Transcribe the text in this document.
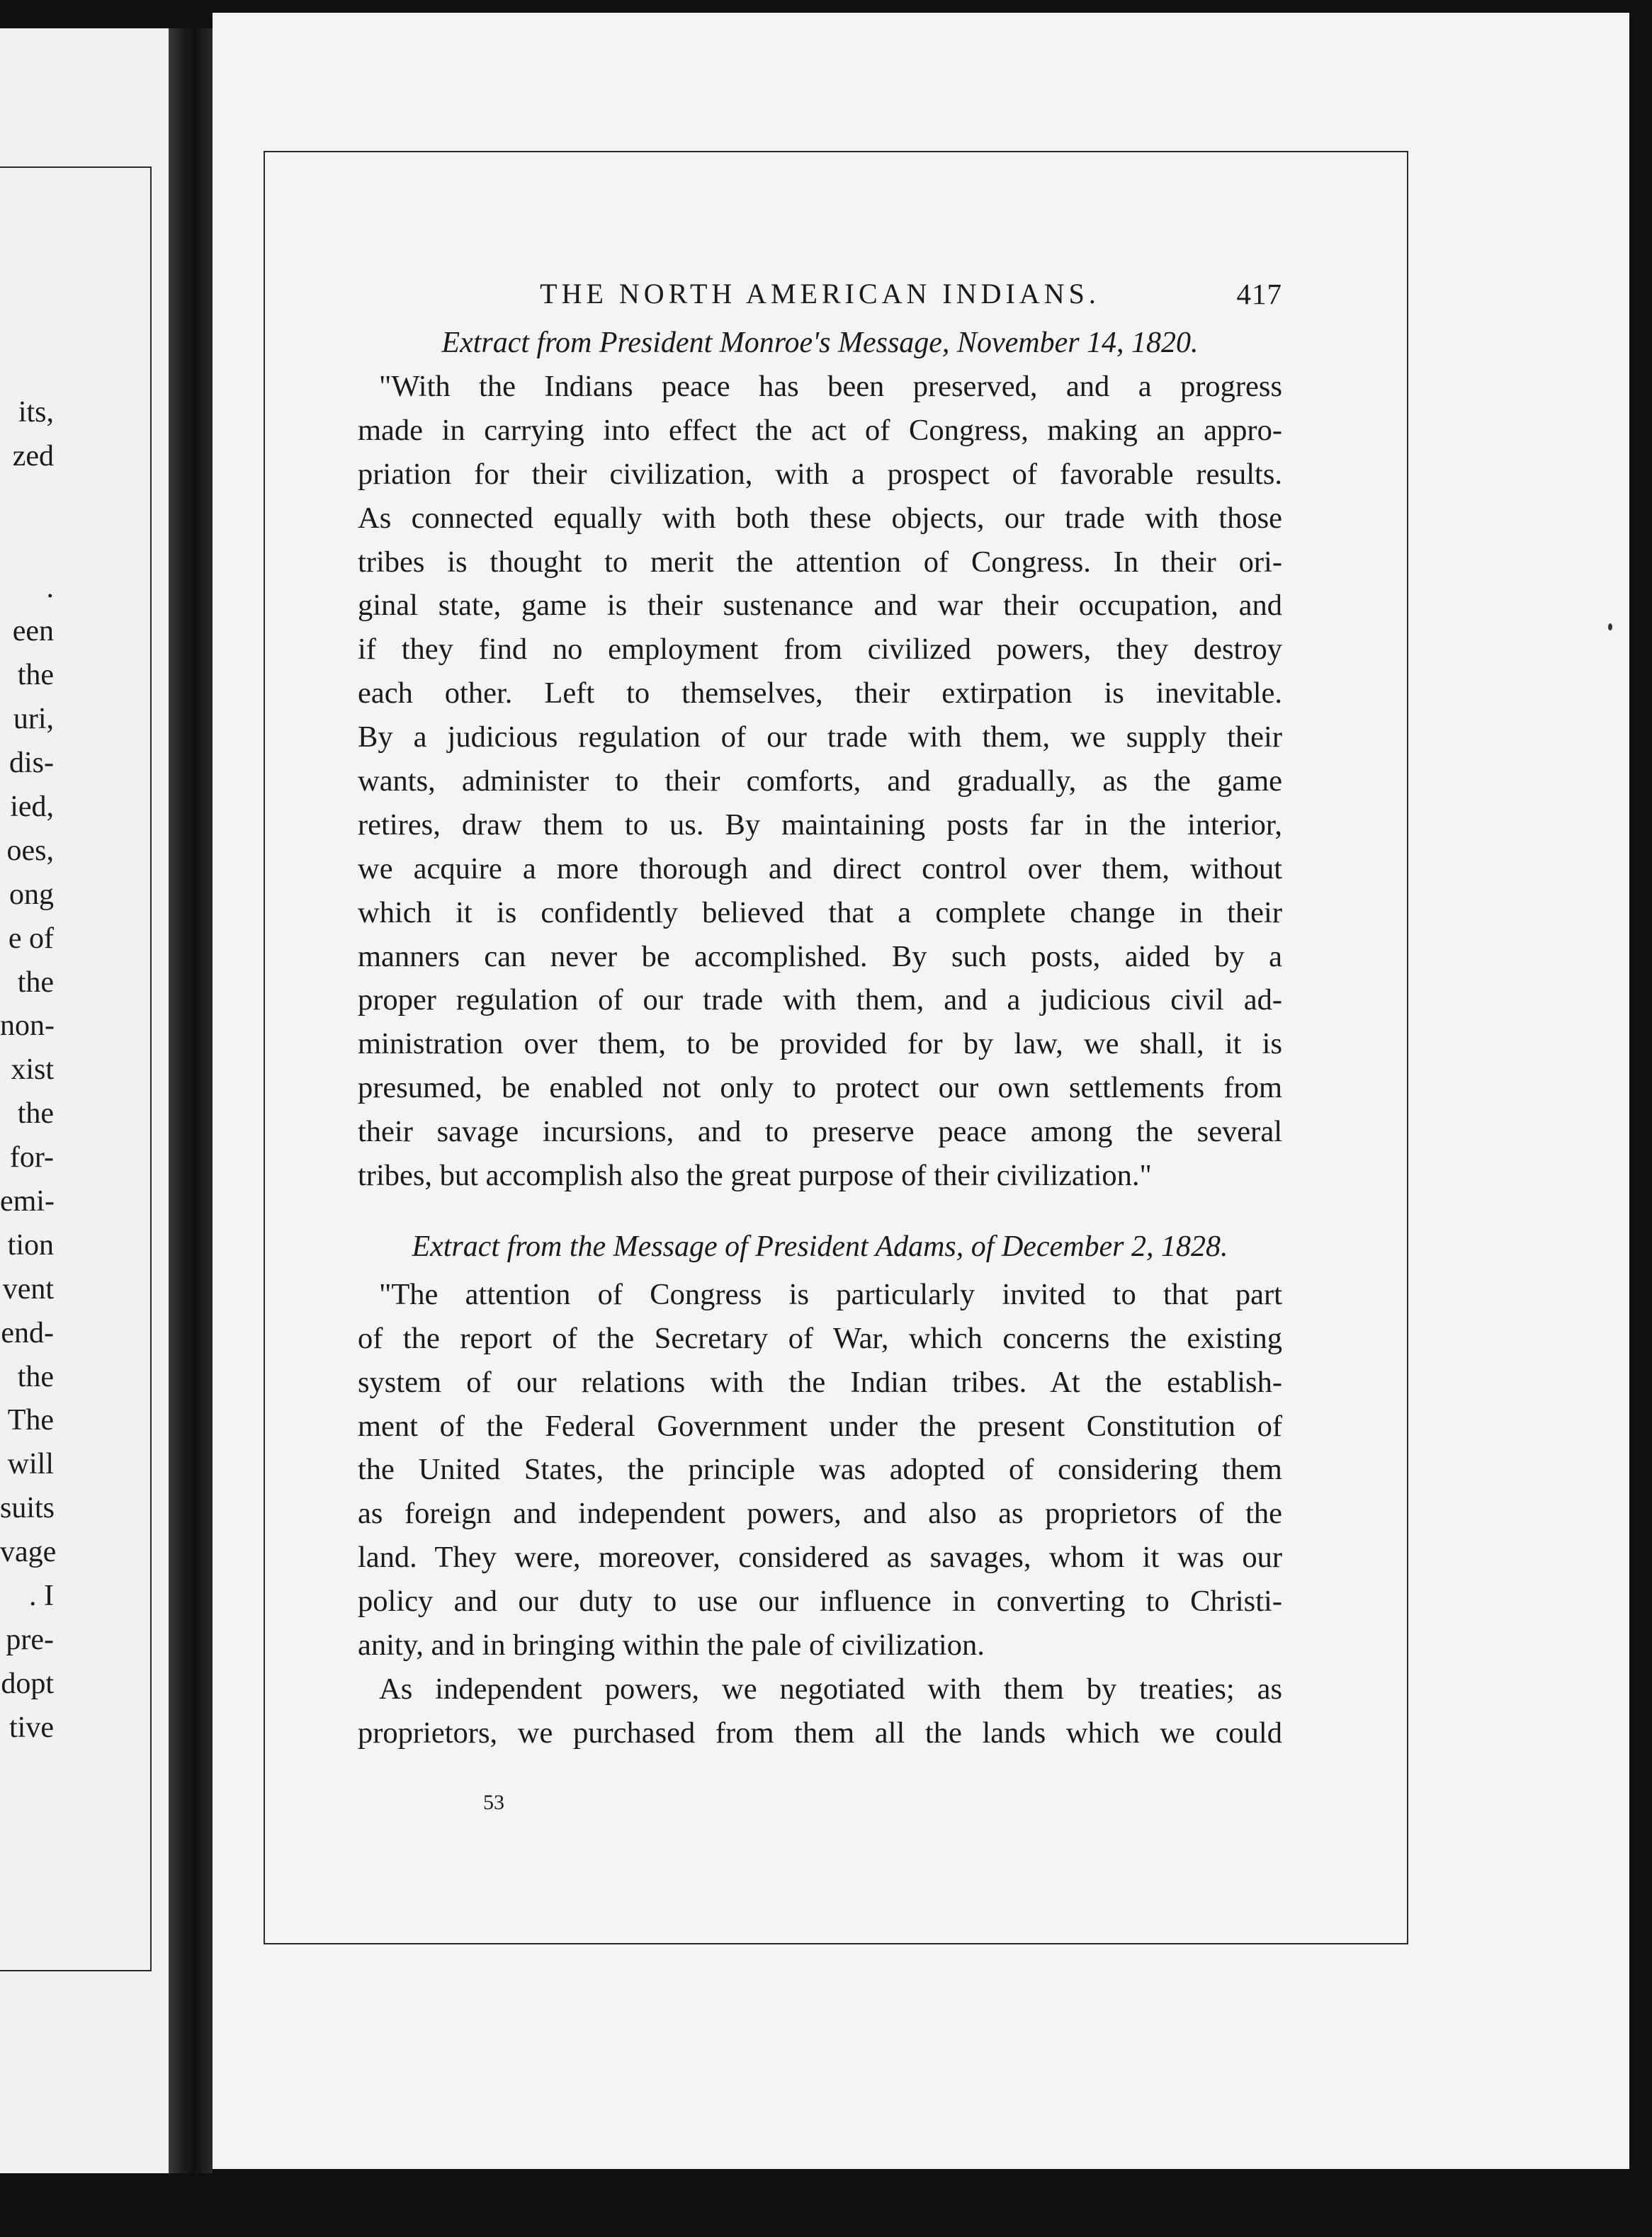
its,
zed
.
een
the
uri,
dis-
ied,
oes,
ong
e of
the
non-
xist
the
for-
emi-
tion
vent
end-
the
The
will
suits
vage
. I
pre-
dopt
tive
THE NORTH AMERICAN INDIANS.	417
Extract from President Monroe's Message, November 14, 1820.
"With the Indians peace has been preserved, and a progress
made in carrying into effect the act of Congress, making an appro-
priation for their civilization, with a prospect of favorable results.
As connected equally with both these objects, our trade with those
tribes is thought to merit the attention of Congress. In their ori-
ginal state, game is their sustenance and war their occupation, and
if they find no employment from civilized powers, they destroy
each other. Left to themselves, their extirpation is inevitable.
By a judicious regulation of our trade with them, we supply their
wants, administer to their comforts, and gradually, as the game
retires, draw them to us. By maintaining posts far in the interior,
we acquire a more thorough and direct control over them, without
which it is confidently believed that a complete change in their
manners can never be accomplished. By such posts, aided by a
proper regulation of our trade with them, and a judicious civil ad-
ministration over them, to be provided for by law, we shall, it is
presumed, be enabled not only to protect our own settlements from
their savage incursions, and to preserve peace among the several
tribes, but accomplish also the great purpose of their civilization."
Extract from the Message of President Adams, of December 2, 1828.
"The attention of Congress is particularly invited to that part
of the report of the Secretary of War, which concerns the existing
system of our relations with the Indian tribes. At the establish-
ment of the Federal Government under the present Constitution of
the United States, the principle was adopted of considering them
as foreign and independent powers, and also as proprietors of the
land. They were, moreover, considered as savages, whom it was our
policy and our duty to use our influence in converting to Christi-
anity, and in bringing within the pale of civilization.
As independent powers, we negotiated with them by treaties; as
proprietors, we purchased from them all the lands which we could
53
